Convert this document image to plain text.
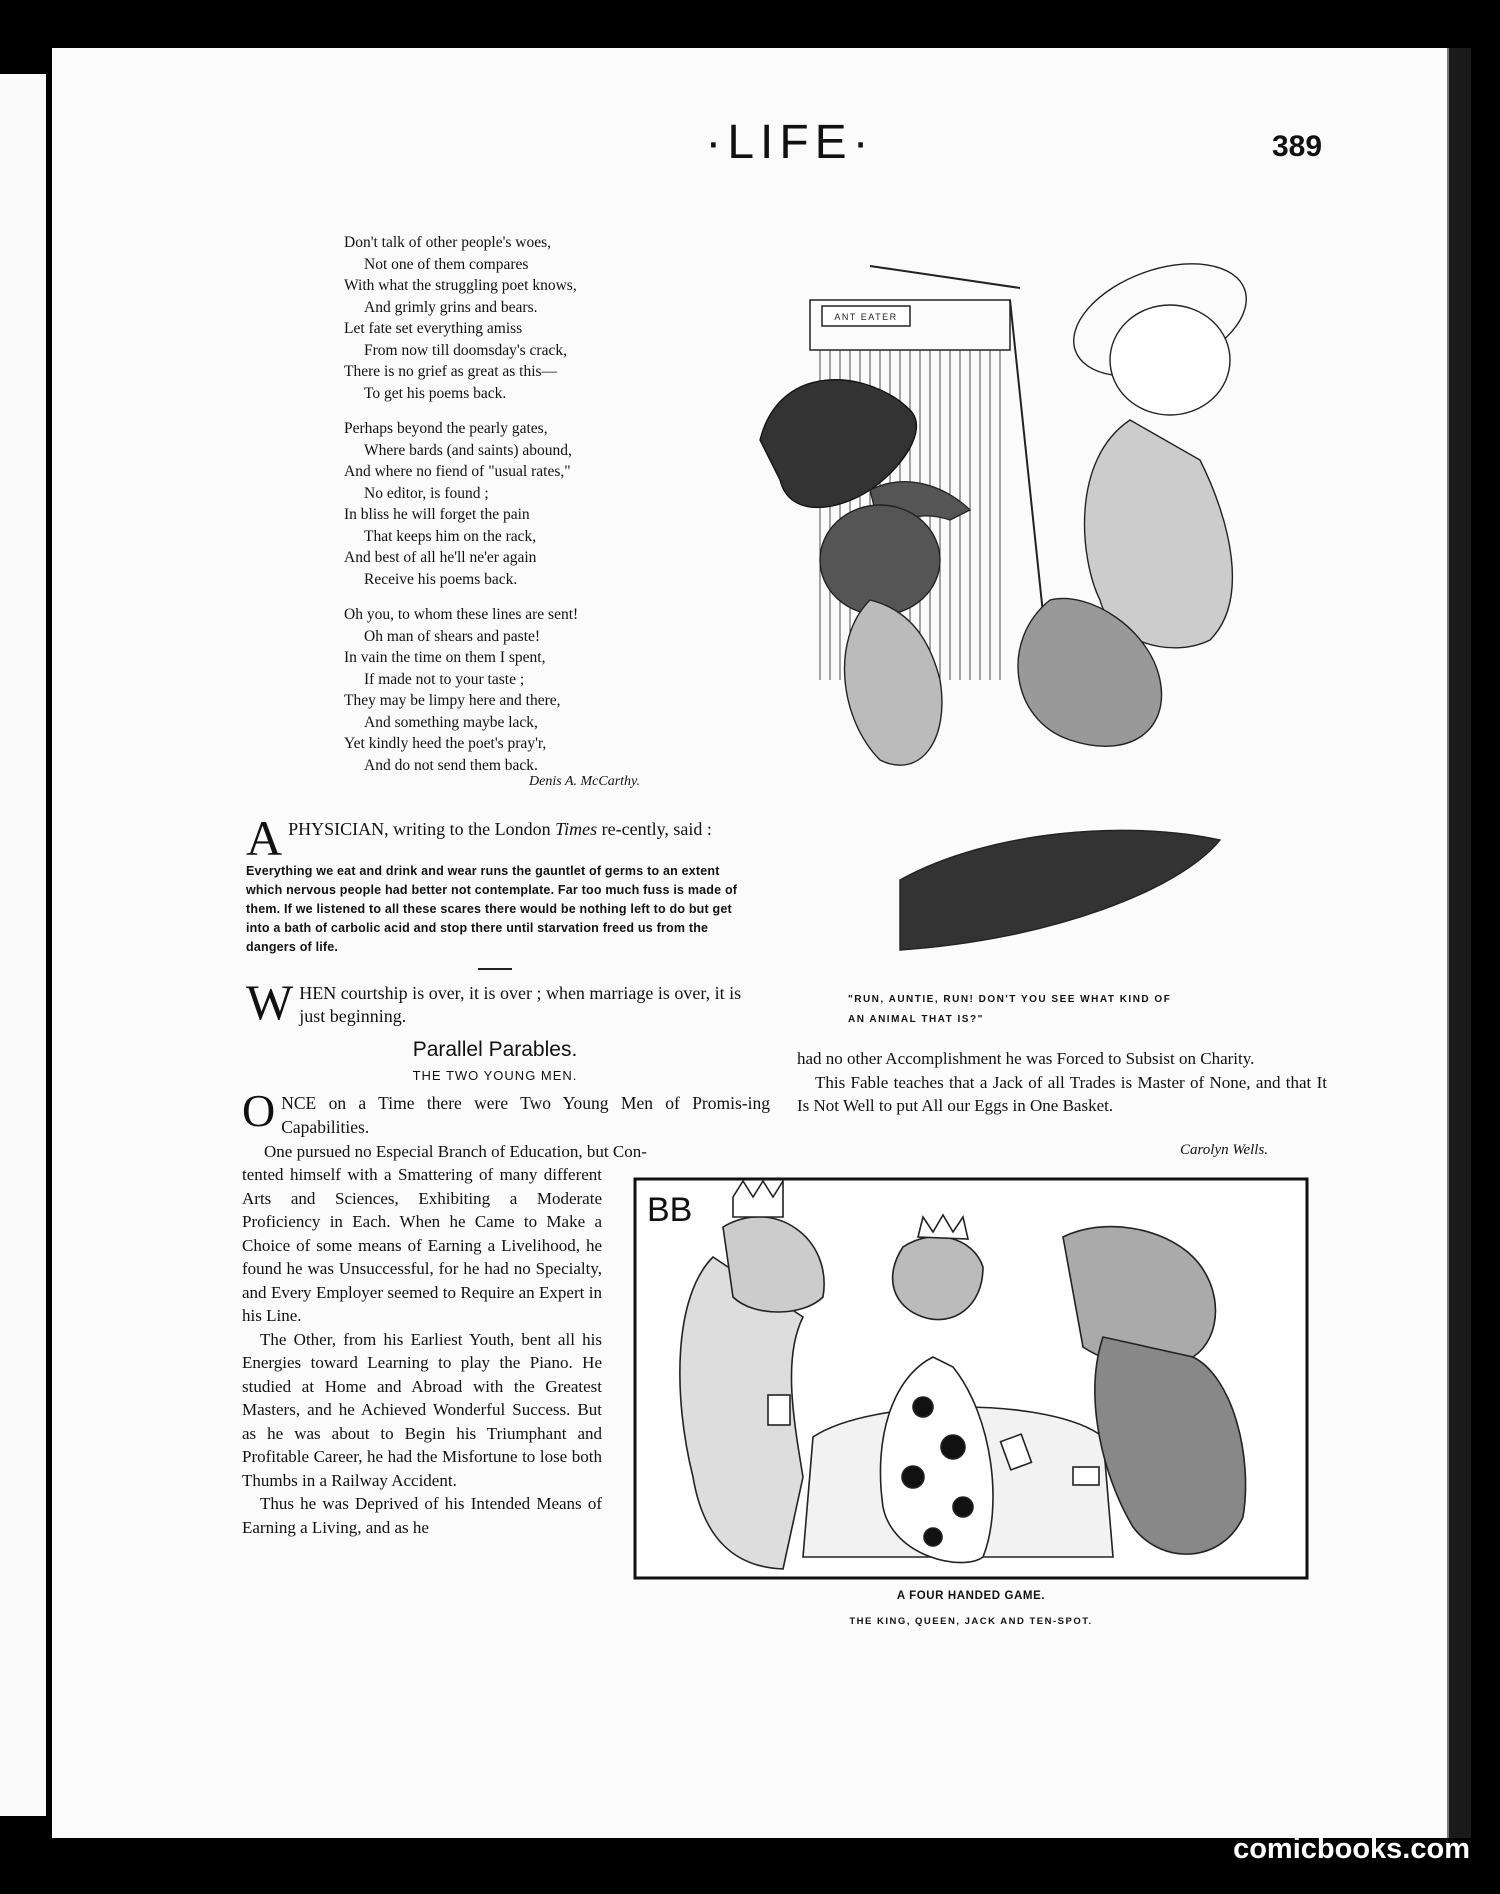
·LIFE·	389
Don't talk of other people's woes,
Not one of them compares
With what the struggling poet knows,
And grimly grins and bears.
Let fate set everything amiss
From now till doomsday's crack,
There is no grief as great as this—
To get his poems back.
Perhaps beyond the pearly gates,
Where bards (and saints) abound,
And where no fiend of "usual rates,"
No editor, is found ;
In bliss he will forget the pain
That keeps him on the rack,
And best of all he'll ne'er again
Receive his poems back.
Oh you, to whom these lines are sent!
Oh man of shears and paste!
In vain the time on them I spent,
If made not to your taste ;
They may be limpy here and there,
And something maybe lack,
Yet kindly heed the poet's pray'r,
And do not send them back.
Denis A. McCarthy.
A PHYSICIAN, writing to the London Times re-cently, said :
Everything we eat and drink and wear runs the gauntlet of germs to an extent which nervous people had better not contemplate. Far too much fuss is made of them. If we listened to all these scares there would be nothing left to do but get into a bath of carbolic acid and stop there until starvation freed us from the dangers of life.
WHEN courtship is over, it is over ; when marriage is over, it is just beginning.
Parallel Parables.
THE TWO YOUNG MEN.
ONCE on a Time there were Two Young Men of Promis-ing Capabilities.
One pursued no Especial Branch of Education, but Con-
tented himself with a Smattering of many different Arts and Sciences, Exhibiting a Moderate Proficiency in Each. When he Came to Make a Choice of some means of Earning a Livelihood, he found he was Unsuccessful, for he had no Specialty, and Every Employer seemed to Require an Expert in his Line.
The Other, from his Earliest Youth, bent all his Energies toward Learning to play the Piano. He studied at Home and Abroad with the Greatest Masters, and he Achieved Wonderful Success. But as he was about to Begin his Triumphant and Profitable Career, he had the Misfortune to lose both Thumbs in a Railway Accident.
Thus he was Deprived of his Intended Means of Earning a Living, and as he
had no other Accomplishment he was Forced to Subsist on Charity.
This Fable teaches that a Jack of all Trades is Master of None, and that It Is Not Well to put All our Eggs in One Basket.
Carolyn Wells.
ANT EATER
"RUN, AUNTIE, RUN! DON'T YOU SEE WHAT KIND OF
AN ANIMAL THAT IS?"
BB
A FOUR HANDED GAME.
THE KING, QUEEN, JACK AND TEN-SPOT.
comicbooks.com
